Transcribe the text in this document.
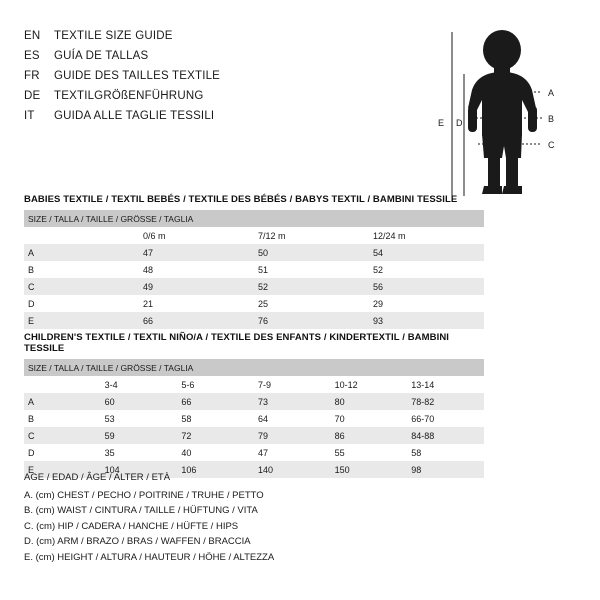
EN	TEXTILE SIZE GUIDE
ES	GUÍA DE TALLAS
FR	GUIDE DES TAILLES TEXTILE
DE	TEXTILGRÖßENFÜHRUNG
IT	GUIDA ALLE TAGLIE TESSILI
A
B
C
E D
BABIES TEXTILE / TEXTIL BEBÉS / TEXTILE DES BÉBÉS / BABYS TEXTIL / BAMBINI TESSILE
SIZE / TALLA / TAILLE / GRÖSSE / TAGLIA			
	0/6 m	7/12 m	12/24 m
A	47	50	54
B	48	51	52
C	49	52	56
D	21	25	29
E	66	76	93
CHILDREN'S TEXTILE / TEXTIL NIÑO/A / TEXTILE DES ENFANTS / KINDERTEXTIL / BAMBINI TESSILE
SIZE / TALLA / TAILLE / GRÖSSE / TAGLIA					
	3-4	5-6	7-9	10-12	13-14
A	60	66	73	80	78-82
B	53	58	64	70	66-70
C	59	72	79	86	84-88
D	35	40	47	55	58
E	104	106	140	150	98
AGE / EDAD / ÂGE / ALTER / ETÀ
A. (cm) CHEST / PECHO / POITRINE / TRUHE / PETTO
B. (cm) WAIST / CINTURA / TAILLE / HÜFTUNG / VITA
C. (cm) HIP / CADERA / HANCHE / HÜFTE / HIPS
D. (cm) ARM / BRAZO / BRAS / WAFFEN / BRACCIA
E. (cm) HEIGHT / ALTURA / HAUTEUR / HÖHE / ALTEZZA
